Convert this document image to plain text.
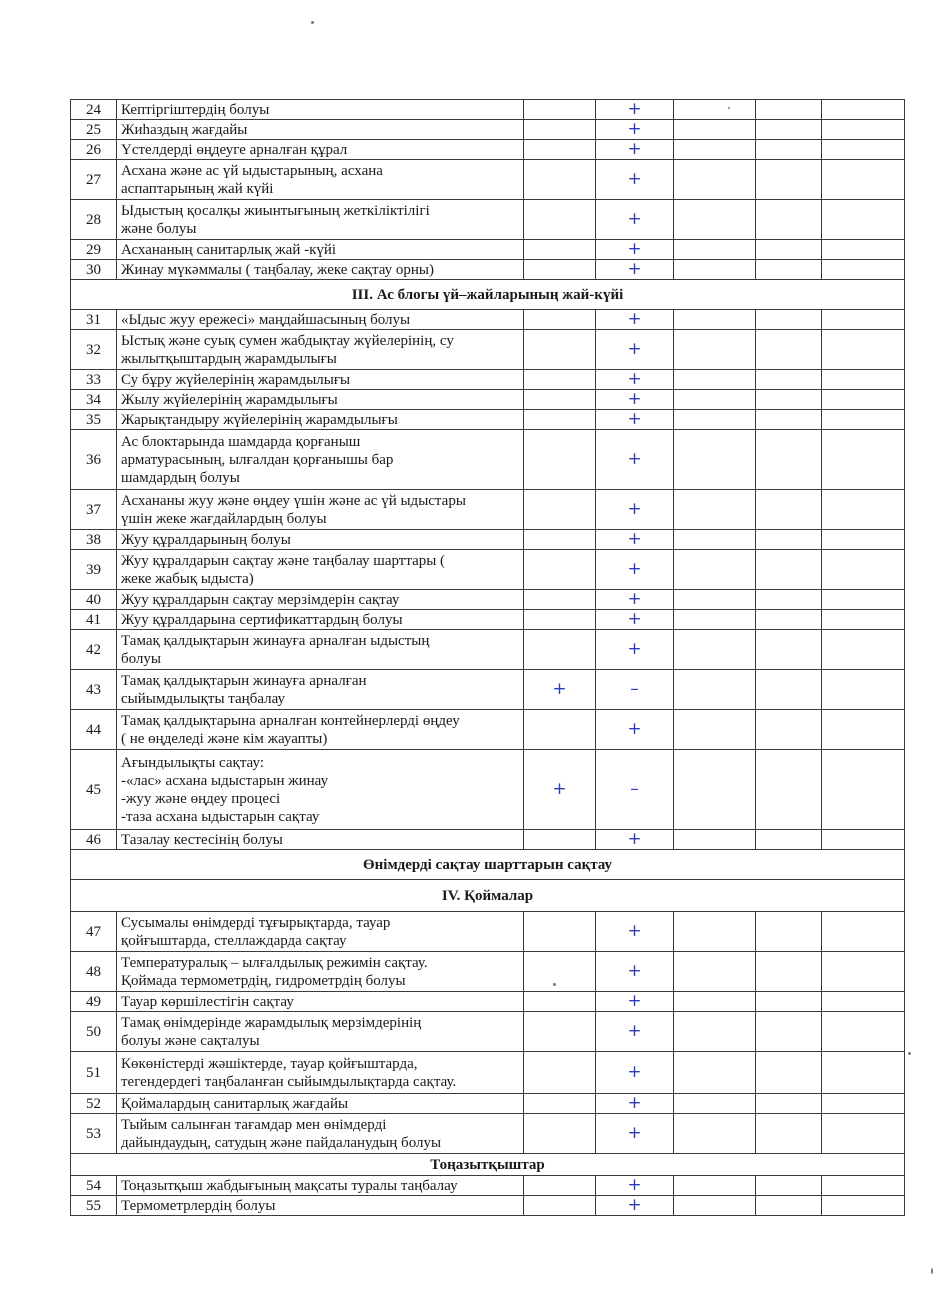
24	Кептіргіштердің болуы		+			
25	Жиһаздың жағдайы		+			
26	Үстелдерді өңдеуге арналған құрал		+			
27	Асхана және ас үй ыдыстарының, асхана
аспаптарының жай күйі		+			
28	Ыдыстың қосалқы жиынтығының жеткіліктілігі
және болуы		+			
29	Асхананың санитарлық жай -күйі		+			
30	Жинау мүкәммалы ( таңбалау, жеке сақтау орны)		+			
III. Ас блогы үй–жайларының жай-күйі						
31	«Ыдыс жуу ережесі» маңдайшасының болуы		+			
32	Ыстық және суық сумен жабдықтау жүйелерінің, су
жылытқыштардың жарамдылығы		+			
33	Су бұру жүйелерінің жарамдылығы		+			
34	Жылу жүйелерінің жарамдылығы		+			
35	Жарықтандыру жүйелерінің жарамдылығы		+			
36	Ас блоктарында шамдарда қорғаныш
арматурасының, ылғалдан қорғанышы бар
шамдардың болуы		+			
37	Асхананы жуу және өңдеу үшін және ас үй ыдыстары
үшін жеке жағдайлардың болуы		+			
38	Жуу құралдарының болуы		+			
39	Жуу құралдарын сақтау және таңбалау шарттары (
жеке жабық ыдыста)		+			
40	Жуу құралдарын сақтау мерзімдерін сақтау		+			
41	Жуу құралдарына сертификаттардың болуы		+			
42	Тамақ қалдықтарын жинауға арналған ыдыстың
болуы		+			
43	Тамақ қалдықтарын жинауға арналған
сыйымдылықты таңбалау	+	–			
44	Тамақ қалдықтарына арналған контейнерлерді өңдеу
( не өңделеді және кім жауапты)		+			
45	Ағындылықты сақтау:
-«лас» асхана ыдыстарын жинау
-жуу және өңдеу процесі
-таза асхана ыдыстарын сақтау	+	–			
46	Тазалау кестесінің болуы		+			
Өнімдерді сақтау шарттарын сақтау						
IV. Қоймалар						
47	Сусымалы өнімдерді тұғырықтарда, тауар
қойғыштарда, стеллаждарда сақтау		+			
48	Температуралық – ылғалдылық режимін сақтау.
Қоймада термометрдің, гидрометрдің болуы		+			
49	Тауар көршілестігін сақтау		+			
50	Тамақ өнімдерінде жарамдылық мерзімдерінің
болуы және сақталуы		+			
51	Көкөністерді жәшіктерде, тауар қойғыштарда,
тегендердегі таңбаланған сыйымдылықтарда сақтау.		+			
52	Қоймалардың санитарлық жағдайы		+			
53	Тыйым салынған тағамдар мен өнімдерді
дайындаудың, сатудың және пайдаланудың болуы		+			
Тоңазытқыштар						
54	Тоңазытқыш жабдығының мақсаты туралы таңбалау		+			
55	Термометрлердің болуы		+			
